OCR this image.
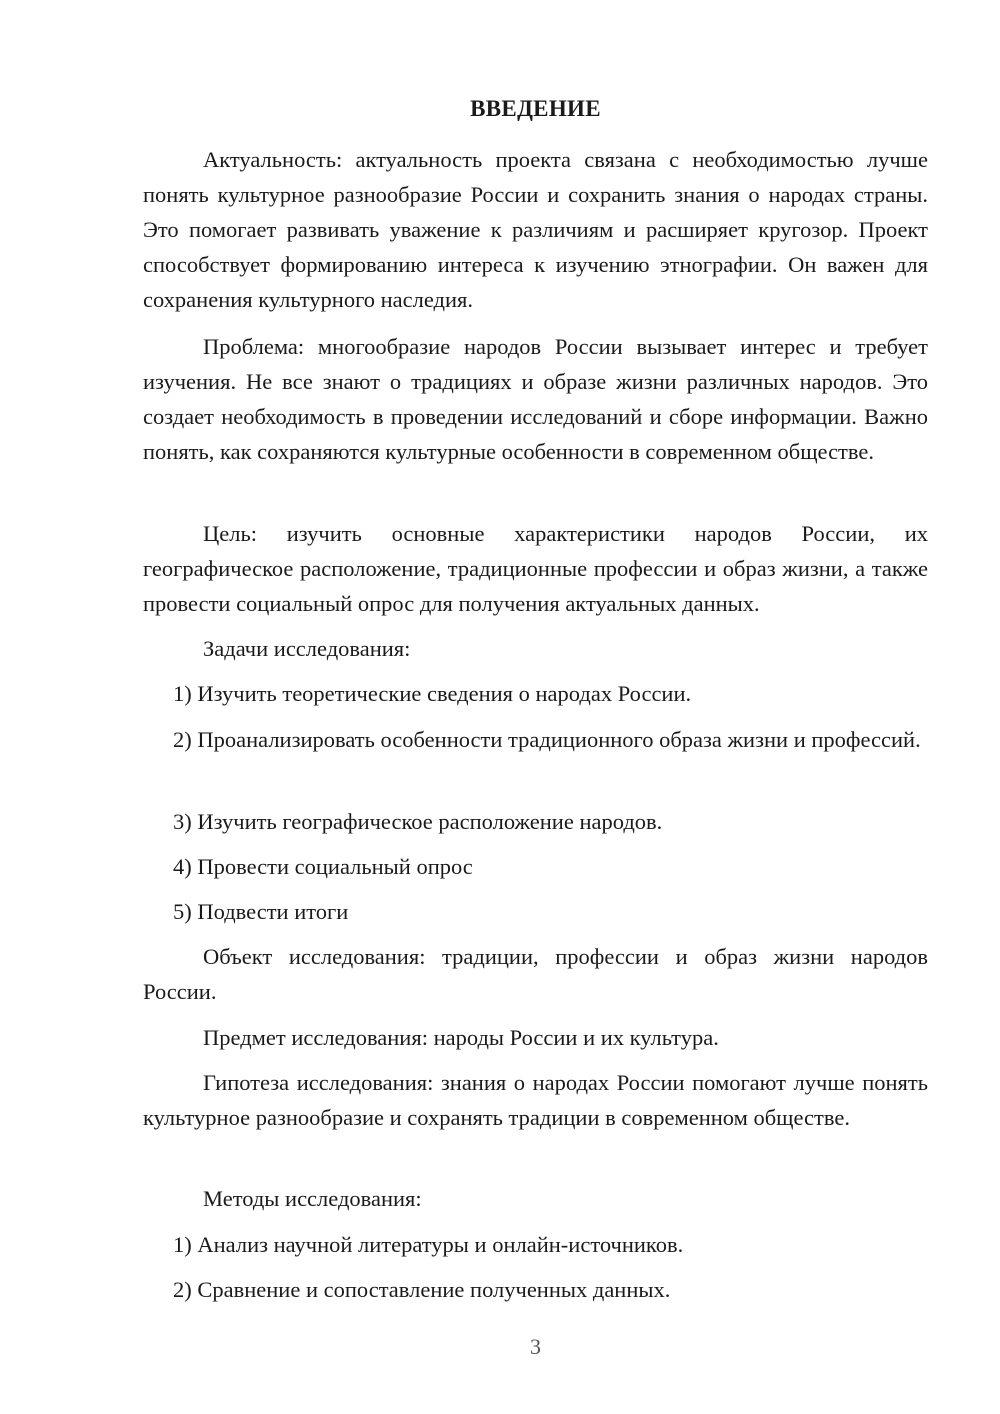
ВВЕДЕНИЕ

Актуальность: актуальность проекта связана с необходимостью лучше понять культурное разнообразие России и сохранить знания о народах страны. Это помогает развивать уважение к различиям и расширяет кругозор. Проект способствует формированию интереса к изучению этнографии. Он важен для сохранения культурного наследия.

Проблема: многообразие народов России вызывает интерес и требует изучения. Не все знают о традициях и образе жизни различных народов. Это создает необходимость в проведении исследований и сборе информации. Важно понять, как сохраняются культурные особенности в современном обществе.

Цель: изучить основные характеристики народов России, их географическое расположение, традиционные профессии и образ жизни, а также провести социальный опрос для получения актуальных данных.

Задачи исследования:

1) Изучить теоретические сведения о народах России.

2) Проанализировать особенности традиционного образа жизни и профессий.

3) Изучить географическое расположение народов.

4) Провести социальный опрос

5) Подвести итоги

Объект исследования: традиции, профессии и образ жизни народов России.

Предмет исследования: народы России и их культура.

Гипотеза исследования: знания о народах России помогают лучше понять культурное разнообразие и сохранять традиции в современном обществе.

Методы исследования:

1) Анализ научной литературы и онлайн-источников.

2) Сравнение и сопоставление полученных данных.

3
